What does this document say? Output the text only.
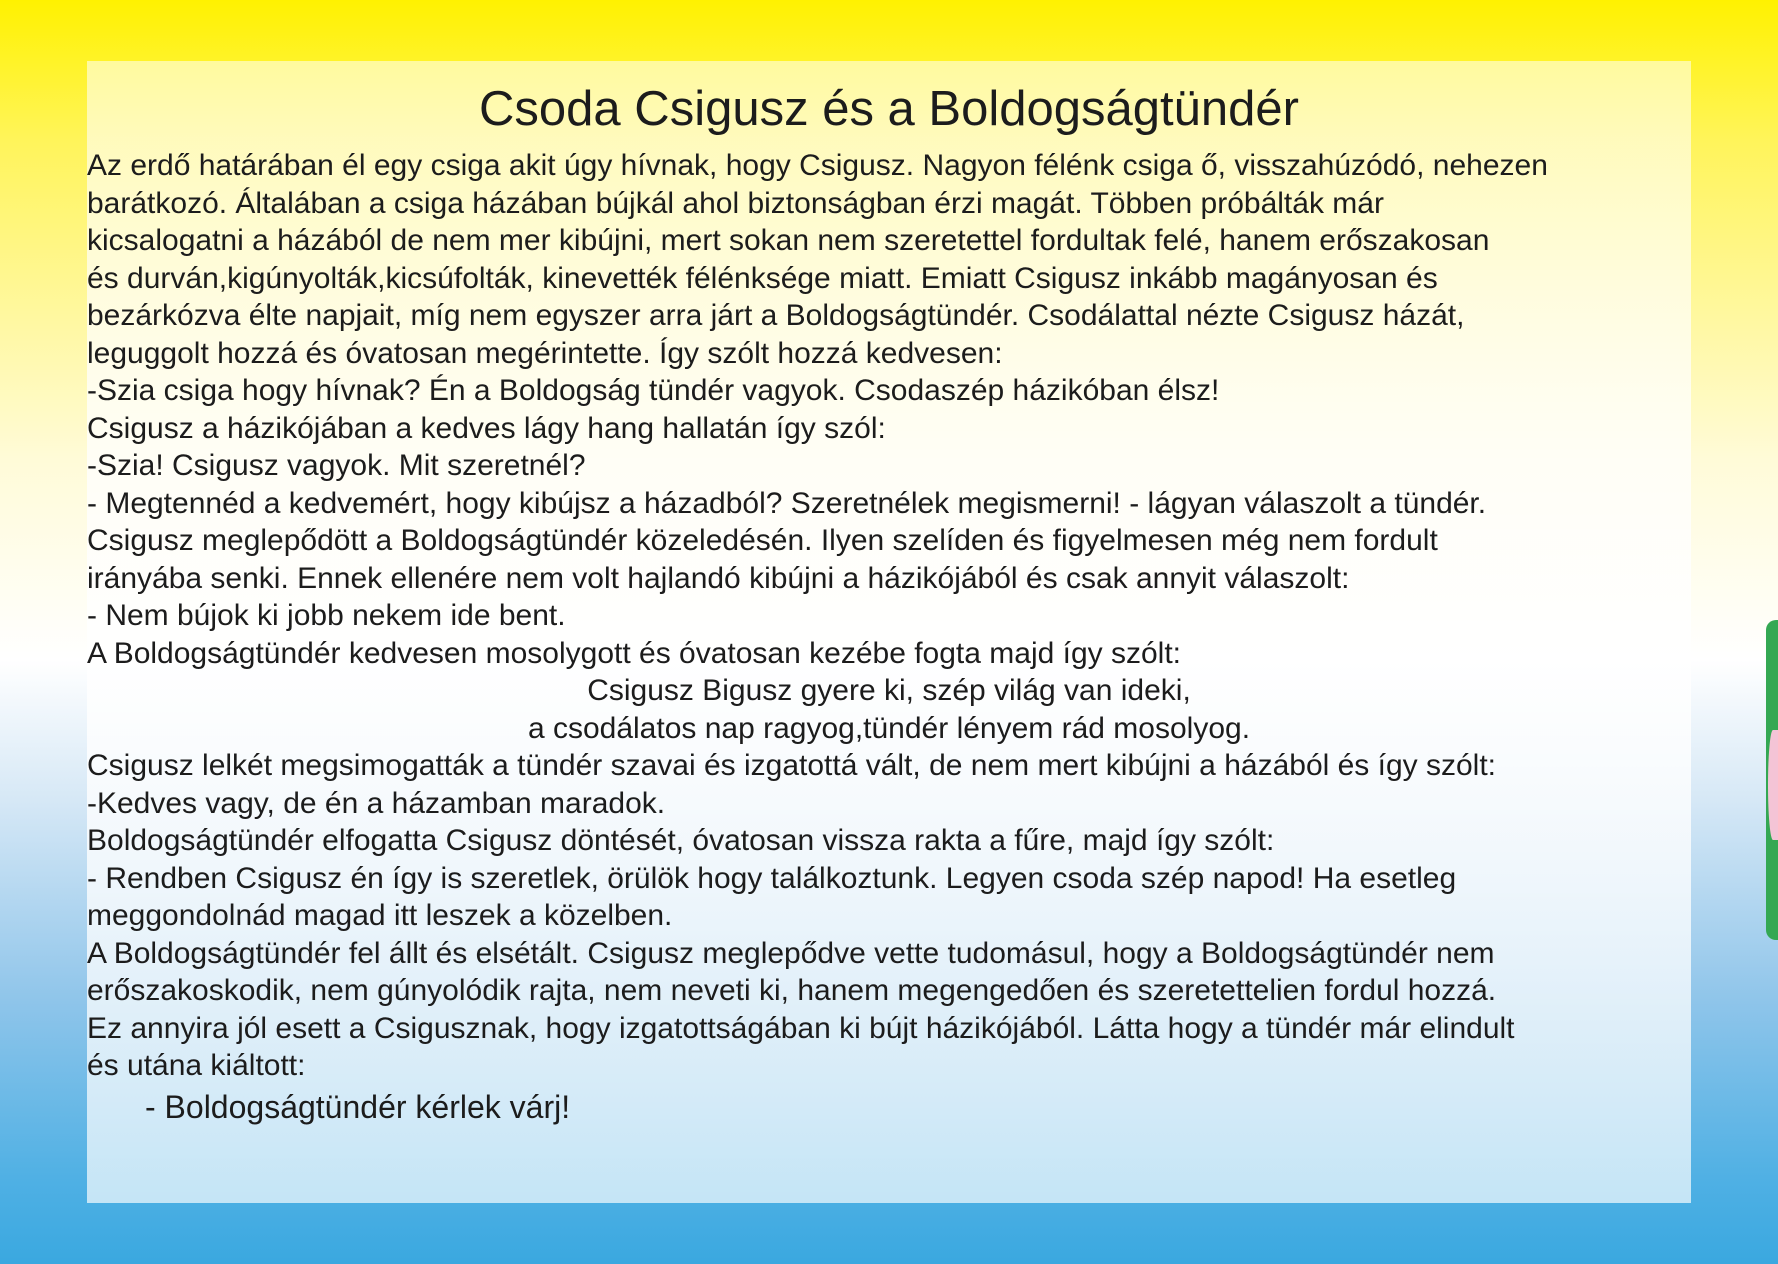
Csoda Csigusz és a Boldogságtündér

Az erdő határában él egy csiga akit úgy hívnak, hogy Csigusz. Nagyon félénk csiga ő, visszahúzódó, nehezen

barátkozó. Általában a csiga házában bújkál ahol biztonságban érzi magát. Többen próbálták már

kicsalogatni a házából de nem mer kibújni, mert sokan nem szeretettel fordultak felé, hanem erőszakosan

és durván,kigúnyolták,kicsúfolták, kinevették félénksége miatt. Emiatt Csigusz inkább magányosan és

bezárkózva élte napjait, míg nem egyszer arra járt a Boldogságtündér. Csodálattal nézte Csigusz házát,

leguggolt hozzá és óvatosan megérintette. Így szólt hozzá kedvesen:

-Szia csiga hogy hívnak? Én a Boldogság tündér vagyok. Csodaszép házikóban élsz!

Csigusz a házikójában a kedves lágy hang hallatán így szól:

-Szia! Csigusz vagyok. Mit szeretnél?

- Megtennéd a kedvemért, hogy kibújsz a házadból? Szeretnélek megismerni! - lágyan válaszolt a tündér.

Csigusz meglepődött a Boldogságtündér közeledésén. Ilyen szelíden és figyelmesen még nem fordult

irányába senki. Ennek ellenére nem volt hajlandó kibújni a házikójából és csak annyit válaszolt:

- Nem bújok ki jobb nekem ide bent.

A Boldogságtündér kedvesen mosolygott és óvatosan kezébe fogta majd így szólt:

Csigusz Bigusz gyere ki, szép világ van ideki,

a csodálatos nap ragyog,tündér lényem rád mosolyog.

Csigusz lelkét megsimogatták a tündér szavai és izgatottá vált, de nem mert kibújni a házából és így szólt:

-Kedves vagy, de én a házamban maradok.

Boldogságtündér elfogatta Csigusz döntését, óvatosan vissza rakta a fűre, majd így szólt:

- Rendben Csigusz én így is szeretlek, örülök hogy találkoztunk. Legyen csoda szép napod! Ha esetleg

meggondolnád magad itt leszek a közelben.

A Boldogságtündér fel állt és elsétált. Csigusz meglepődve vette tudomásul, hogy a Boldogságtündér nem

erőszakoskodik, nem gúnyolódik rajta, nem neveti ki, hanem megengedően és szeretettelien fordul hozzá.

Ez annyira jól esett a Csigusznak, hogy izgatottságában ki bújt házikójából. Látta hogy a tündér már elindult

és utána kiáltott:

- Boldogságtündér kérlek várj!
